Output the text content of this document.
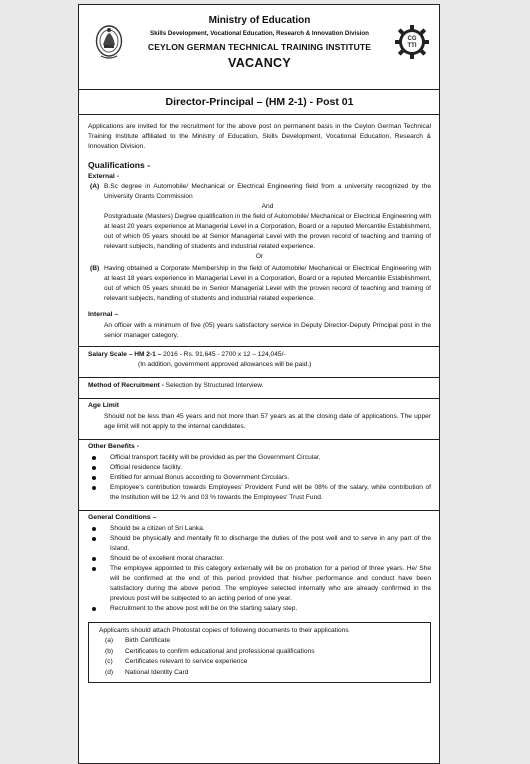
CG
TTI
Ministry of Education
Skills Development, Vocational Education, Research & Innovation Division
CEYLON GERMAN TECHNICAL TRAINING INSTITUTE
VACANCY
Director-Principal – (HM 2-1) - Post 01

Applications are invited for the recruitment for the above post on permanent basis in the Ceylon German Technical Training Institute affiliated to the Ministry of Education, Skills Development, Vocational Education, Research & Innovation Division.

Qualifications -
External -
(A) B.Sc degree in Automobile/ Mechanical or Electrical Engineering field from a university recognized by the University Grants Commission
And
Postgraduate (Masters) Degree qualification in the field of Automobile/ Mechanical or Electrical Engineering with at least 20 years experience at Managerial Level in a Corporation, Board or a reputed Mercantile Establishment, out of which 05 years should be at Senior Managerial Level with the proven record of teaching and training of relevant subjects, handling of students and industrial related experience.
Or
(B) Having obtained a Corporate Membership in the field of Automobile/ Mechanical or Electrical Engineering with at least 18 years experience in Managerial Level in a Corporation, Board or a reputed Mercantile Establishment, out of which 05 years should be in Senior Managerial Level with the proven record of teaching and training of relevant subjects, handling of students and industrial related experience.
Internal –
An officer with a minimum of five (05) years satisfactory service in Deputy Director-Deputy Principal post in the senior manager category.
Salary Scale – HM 2-1 – 2016 - Rs. 91,645 - 2700 x 12 – 124,045/-
(In addition, government approved allowances will be paid.)
Method of Recruitment - Selection by Structured Interview.
Age Limit
Should not be less than 45 years and not more than 57 years as at the closing date of applications. The upper age limit will not apply to the internal candidates.
Other Benefits -
Official transport facility will be provided as per the Government Circular.
Official residence facility.
Entitled for annual Bonus according to Government Circulars.
Employee's contribution towards Employees' Provident Fund will be 08% of the salary, while contribution of the Institution will be 12 % and 03 % towards the Employees' Trust Fund.
General Conditions –
Should be a citizen of Sri Lanka.
Should be physically and mentally fit to discharge the duties of the post well and to serve in any part of the Island.
Should be of excellent moral character.
The employee appointed to this category externally will be on probation for a period of three years. He/ She will be confirmed at the end of this period provided that his/her performance and conduct have been satisfactory during the above period. The employee selected internally who are already confirmed in the previous post will be subjected to an acting period of one year.
Recruitment to the above post will be on the starting salary step.
Applicants should attach Photostat copies of following documents to their applications
(a)	Birth Certificate
(b)	Certificates to confirm educational and professional qualifications
(c)	Certificates relevant to service experience
(d)	National Identity Card
